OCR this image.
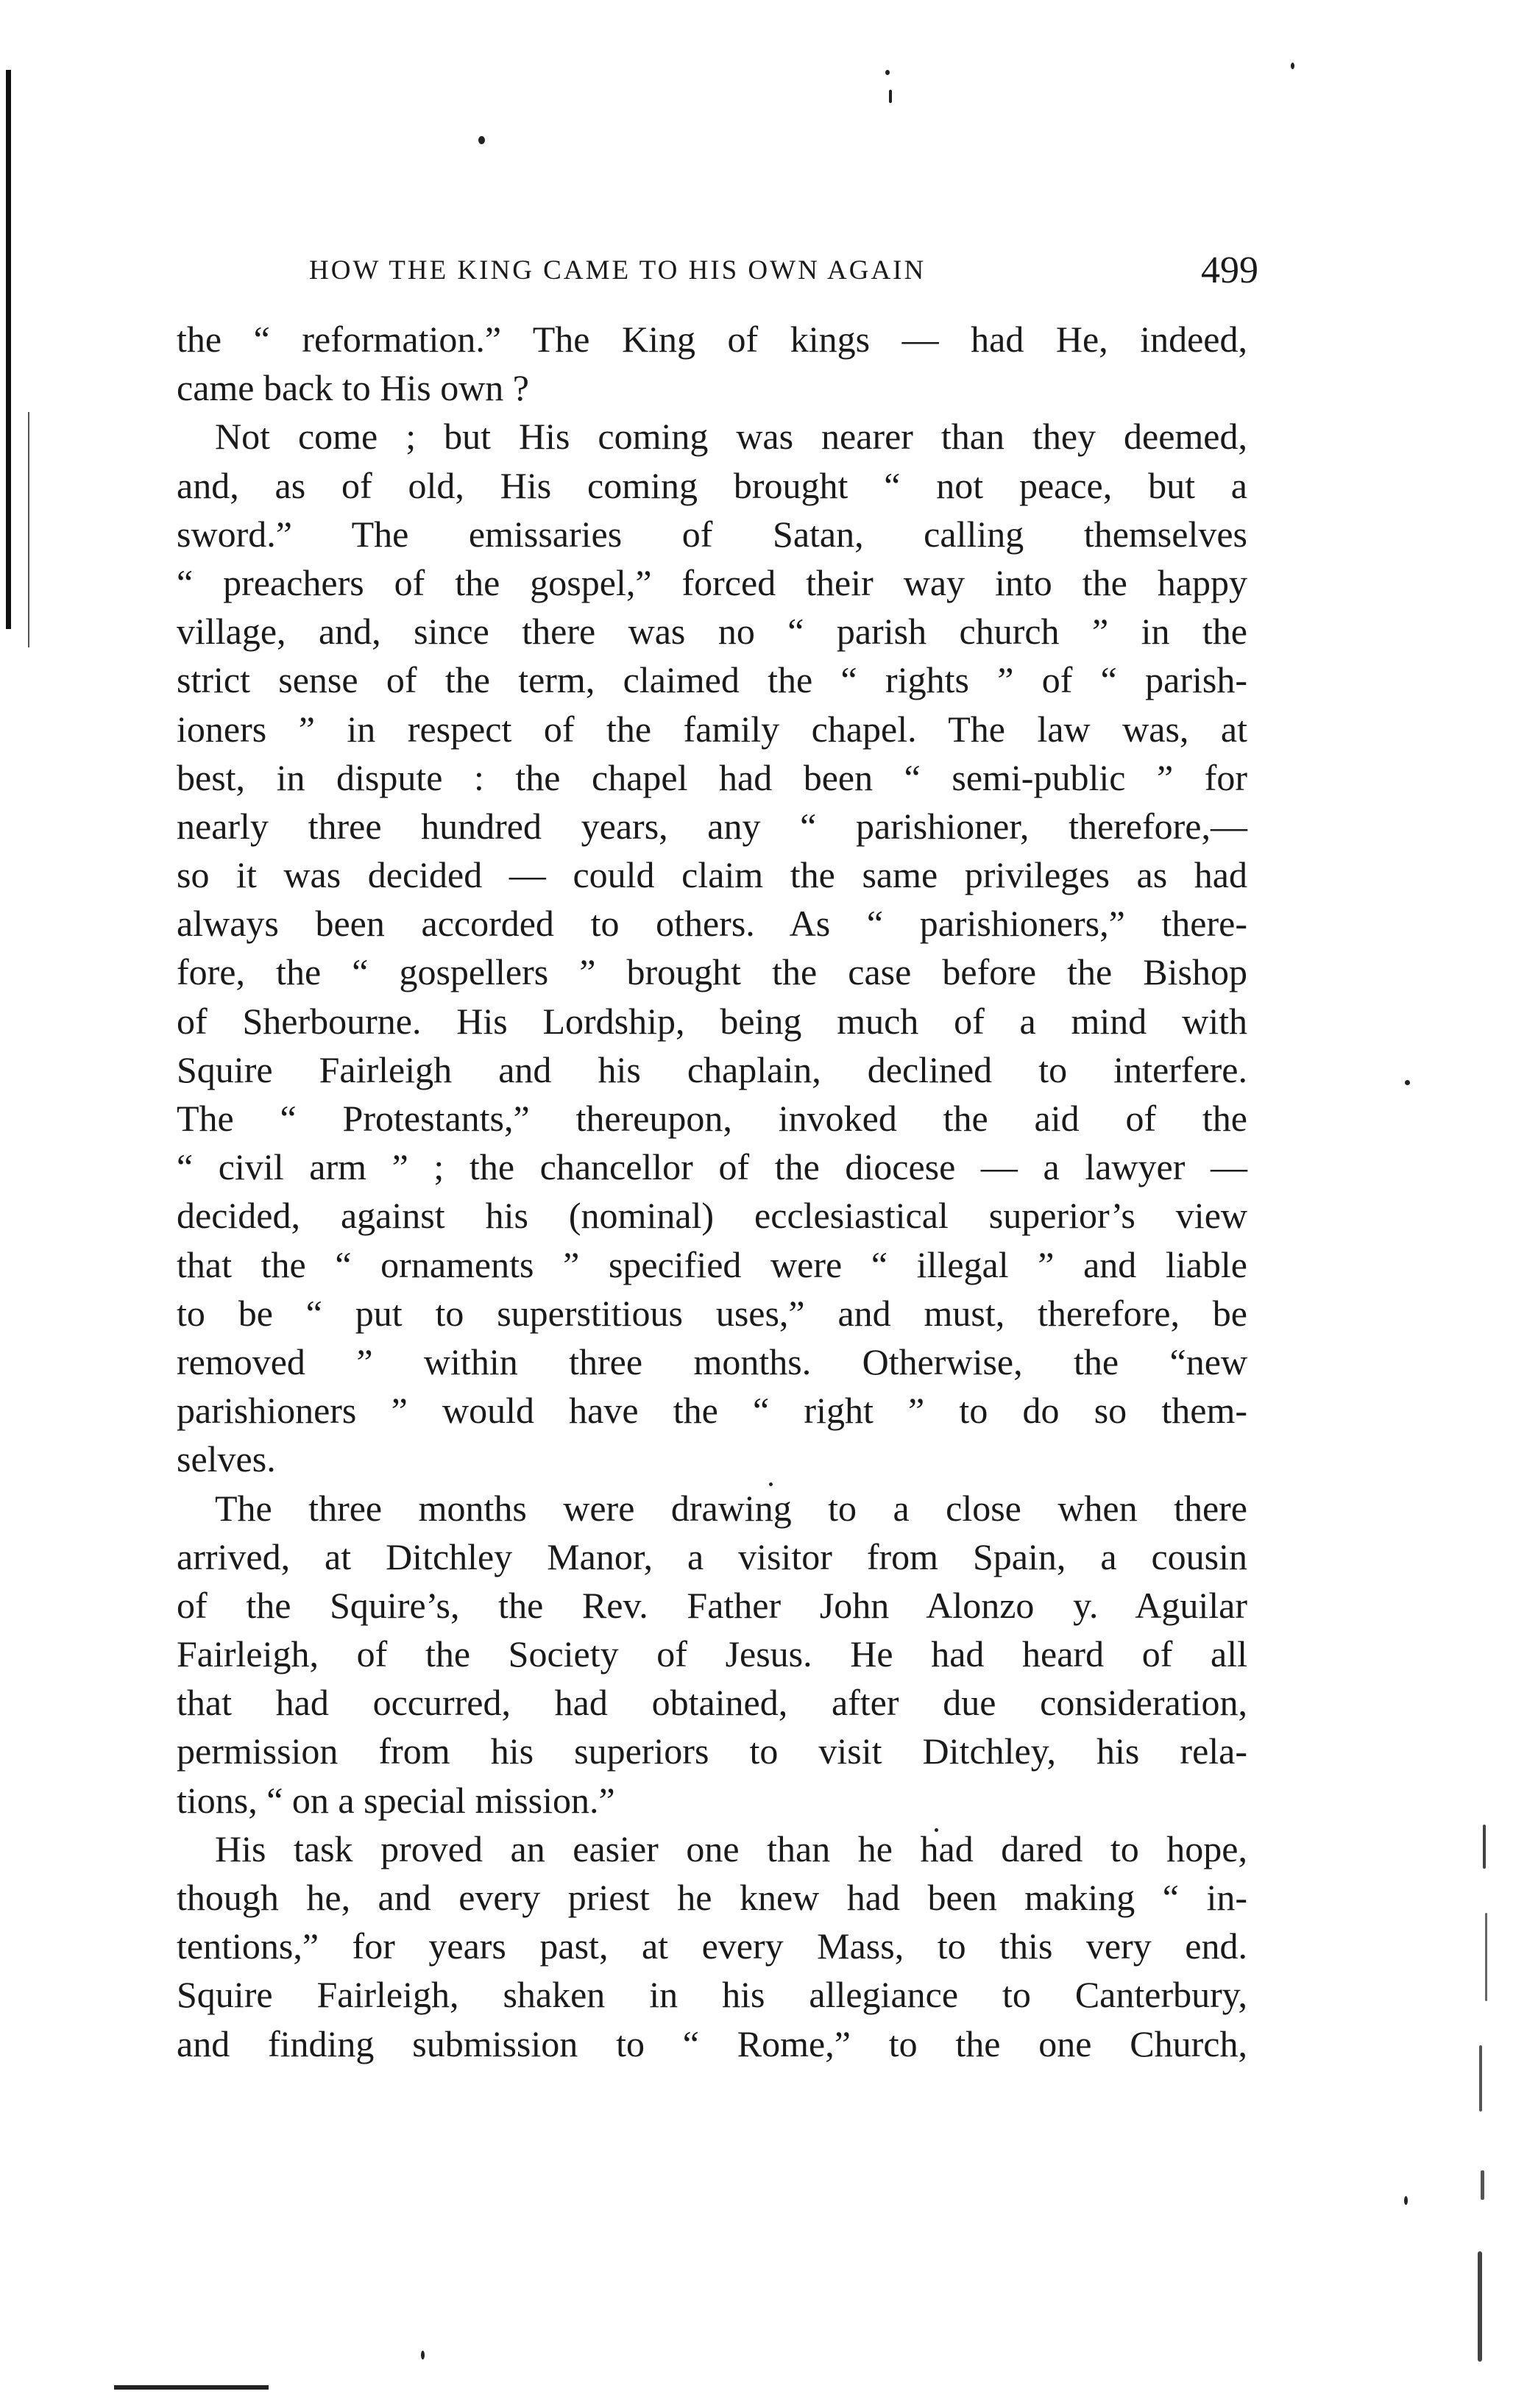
HOW THE KING CAME TO HIS OWN AGAIN	499
the “ reformation.” The King of kings — had He, indeed,
came back to His own ?
Not come ; but His coming was nearer than they deemed,
and, as of old, His coming brought “ not peace, but a
sword.” The emissaries of Satan, calling themselves
“ preachers of the gospel,” forced their way into the happy
village, and, since there was no “ parish church ” in the
strict sense of the term, claimed the “ rights ” of “ parish-
ioners ” in respect of the family chapel. The law was, at
best, in dispute : the chapel had been “ semi-public ” for
nearly three hundred years, any “ parishioner, therefore,—
so it was decided — could claim the same privileges as had
always been accorded to others. As “ parishioners,” there-
fore, the “ gospellers ” brought the case before the Bishop
of Sherbourne. His Lordship, being much of a mind with
Squire Fairleigh and his chaplain, declined to interfere.
The “ Protestants,” thereupon, invoked the aid of the
“ civil arm ” ; the chancellor of the diocese — a lawyer —
decided, against his (nominal) ecclesiastical superior’s view
that the “ ornaments ” specified were “ illegal ” and liable
to be “ put to superstitious uses,” and must, therefore, be
removed ” within three months. Otherwise, the “new
parishioners ” would have the “ right ” to do so them-
selves.
The three months were drawing to a close when there
arrived, at Ditchley Manor, a visitor from Spain, a cousin
of the Squire’s, the Rev. Father John Alonzo y. Aguilar
Fairleigh, of the Society of Jesus. He had heard of all
that had occurred, had obtained, after due consideration,
permission from his superiors to visit Ditchley, his rela-
tions, “ on a special mission.”
His task proved an easier one than he had dared to hope,
though he, and every priest he knew had been making “ in-
tentions,” for years past, at every Mass, to this very end.
Squire Fairleigh, shaken in his allegiance to Canterbury,
and finding submission to “ Rome,” to the one Church,
